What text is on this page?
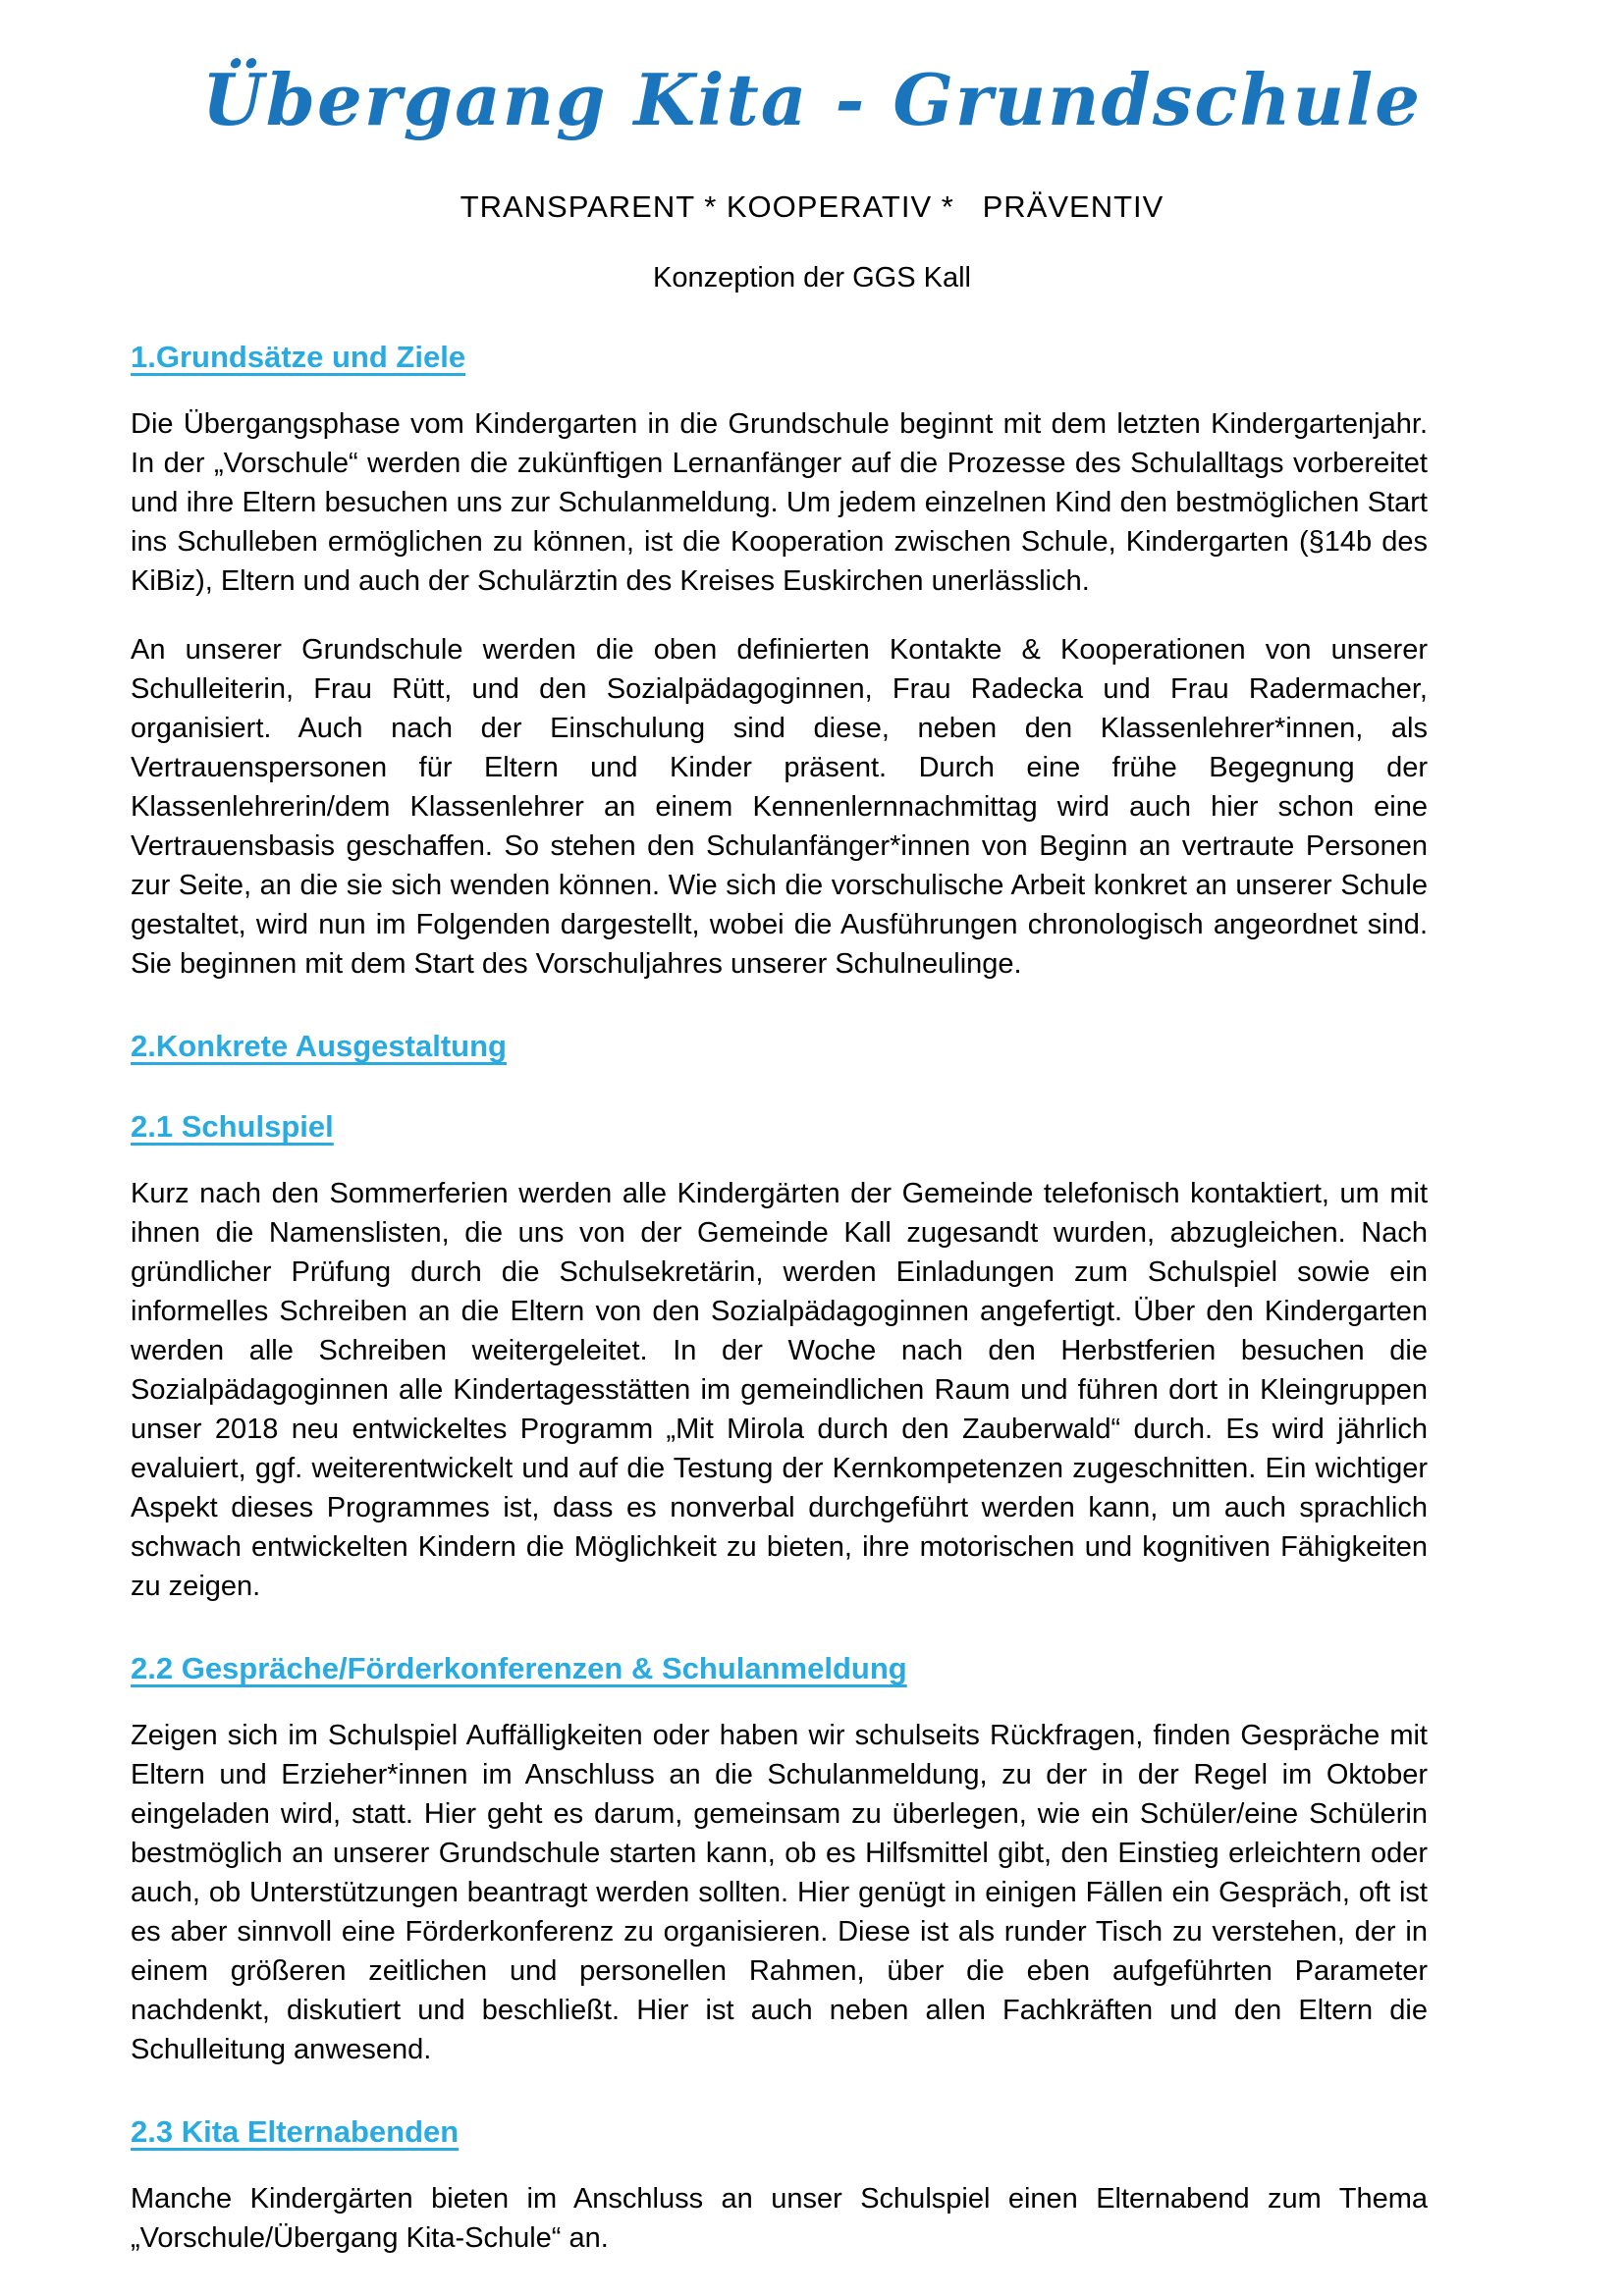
Übergang Kita - Grundschule
TRANSPARENT * KOOPERATIV *   PRÄVENTIV
Konzeption der GGS Kall
1.Grundsätze und Ziele

Die Übergangsphase vom Kindergarten in die Grundschule beginnt mit dem letzten Kindergartenjahr. In der „Vorschule“ werden die zukünftigen Lernanfänger auf die Prozesse des Schulalltags vorbereitet und ihre Eltern besuchen uns zur Schulanmeldung. Um jedem einzelnen Kind den bestmöglichen Start ins Schulleben ermöglichen zu können, ist die Kooperation zwischen Schule, Kindergarten (§14b des KiBiz), Eltern und auch der Schulärztin des Kreises Euskirchen unerlässlich.

An unserer Grundschule werden die oben definierten Kontakte & Kooperationen von unserer Schulleiterin, Frau Rütt, und den Sozialpädagoginnen, Frau Radecka und Frau Radermacher, organisiert. Auch nach der Einschulung sind diese, neben den Klassenlehrer*innen, als Vertrauenspersonen für Eltern und Kinder präsent. Durch eine frühe Begegnung der Klassenlehrerin/dem Klassenlehrer an einem Kennenlernnachmittag wird auch hier schon eine Vertrauensbasis geschaffen. So stehen den Schulanfänger*innen von Beginn an vertraute Personen zur Seite, an die sie sich wenden können. Wie sich die vorschulische Arbeit konkret an unserer Schule gestaltet, wird nun im Folgenden dargestellt, wobei die Ausführungen chronologisch angeordnet sind. Sie beginnen mit dem Start des Vorschuljahres unserer Schulneulinge.

2.Konkrete Ausgestaltung
2.1 Schulspiel

Kurz nach den Sommerferien werden alle Kindergärten der Gemeinde telefonisch kontaktiert, um mit ihnen die Namenslisten, die uns von der Gemeinde Kall zugesandt wurden, abzugleichen. Nach gründlicher Prüfung durch die Schulsekretärin, werden Einladungen zum Schulspiel sowie ein informelles Schreiben an die Eltern von den Sozialpädagoginnen angefertigt. Über den Kindergarten werden alle Schreiben weitergeleitet. In der Woche nach den Herbstferien besuchen die Sozialpädagoginnen alle Kindertagesstätten im gemeindlichen Raum und führen dort in Kleingruppen unser 2018 neu entwickeltes Programm „Mit Mirola durch den Zauberwald“ durch. Es wird jährlich evaluiert, ggf. weiterentwickelt und auf die Testung der Kernkompetenzen zugeschnitten. Ein wichtiger Aspekt dieses Programmes ist, dass es nonverbal durchgeführt werden kann, um auch sprachlich schwach entwickelten Kindern die Möglichkeit zu bieten, ihre motorischen und kognitiven Fähigkeiten zu zeigen.

2.2 Gespräche/Förderkonferenzen & Schulanmeldung

Zeigen sich im Schulspiel Auffälligkeiten oder haben wir schulseits Rückfragen, finden Gespräche mit Eltern und Erzieher*innen im Anschluss an die Schulanmeldung, zu der in der Regel im Oktober eingeladen wird, statt. Hier geht es darum, gemeinsam zu überlegen, wie ein Schüler/eine Schülerin bestmöglich an unserer Grundschule starten kann, ob es Hilfsmittel gibt, den Einstieg erleichtern oder auch, ob Unterstützungen beantragt werden sollten. Hier genügt in einigen Fällen ein Gespräch, oft ist es aber sinnvoll eine Förderkonferenz zu organisieren. Diese ist als runder Tisch zu verstehen, der in einem größeren zeitlichen und personellen Rahmen, über die eben aufgeführten Parameter nachdenkt, diskutiert und beschließt. Hier ist auch neben allen Fachkräften und den Eltern die Schulleitung anwesend.

2.3 Kita Elternabenden

Manche Kindergärten bieten im Anschluss an unser Schulspiel einen Elternabend zum Thema „Vorschule/Übergang Kita-Schule“ an.
